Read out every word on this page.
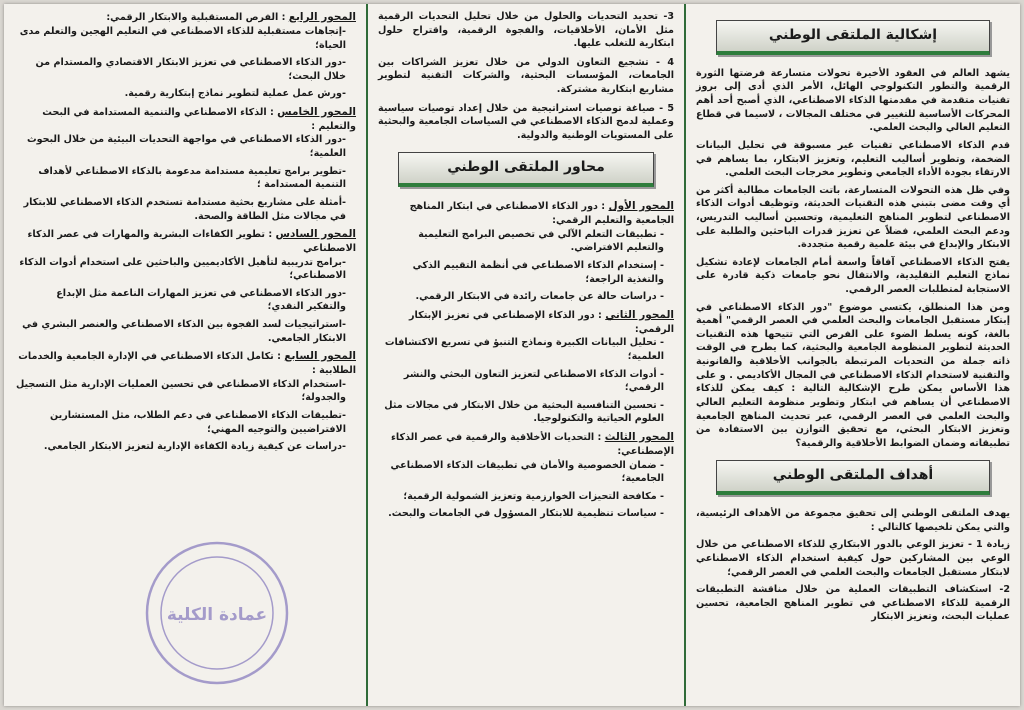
إشكالية الملتقى الوطني

يشهد العالم في العقود الأخيرة تحولات متسارعة فرضتها الثورة الرقمية والتطور التكنولوجي الهائل، الأمر الذي أدى إلى بروز تقنيات متقدمة في مقدمتها الذكاء الاصطناعي، الذي أصبح أحد أهم المحركات الأساسية للتغيير في مختلف المجالات ، لاسيما في قطاع التعليم العالي والبحث العلمي.

قدم الذكاء الاصطناعي تقنيات غير مسبوقة في تحليل البيانات الضخمة، وتطوير أساليب التعليم، وتعزيز الابتكار، بما يساهم في الارتقاء بجودة الأداء الجامعي وتطوير مخرجات البحث العلمي.

وفي ظل هذه التحولات المتسارعة، باتت الجامعات مطالبة أكثر من أي وقت مضى بتبني هذه التقنيات الحديثة، وتوظيف أدوات الذكاء الاصطناعي لتطوير المناهج التعليمية، وتحسين أساليب التدريس، ودعم البحث العلمي، فضلاً عن تعزيز قدرات الباحثين والطلبة على الابتكار والإبداع في بيئة علمية رقمية متجددة.

يفتح الذكاء الاصطناعي آفاقاً واسعة أمام الجامعات لإعادة تشكيل نماذج التعليم التقليدية، والانتقال نحو جامعات ذكية قادرة على الاستجابة لمتطلبات العصر الرقمي.

ومن هذا المنطلق، يكتسي موضوع "دور الذكاء الاصطناعي في إبتكار مستقبل الجامعات والبحث العلمي في العصر الرقمي" أهمية بالغة، كونه يسلط الضوء على الفرص التي تتيحها هذه التقنيات الحديثة لتطوير المنظومة الجامعية والبحثية، كما يطرح في الوقت ذاته جملة من التحديات المرتبطة بالجوانب الأخلاقية والقانونية والتقنية لاستخدام الذكاء الاصطناعي في المجال الأكاديمي . و على هذا الأساس يمكن طرح الإشكالية التالية : كيف يمكن للذكاء الاصطناعي أن يساهم في ابتكار وتطوير منظومة التعليم العالي والبحث العلمي في العصر الرقمي، عبر تحديث المناهج الجامعية وتعزيز الابتكار البحثي، مع تحقيق التوازن بين الاستفادة من تطبيقاته وضمان الضوابط الأخلاقية والرقمية؟

أهداف الملتقى الوطني

يهدف الملتقى الوطني إلى تحقيق مجموعة من الأهداف الرئيسية، والتي يمكن تلخيصها كالتالي :

زيادة 1 - تعزيز الوعي بالدور الابتكاري للذكاء الاصطناعي من خلال الوعي بين المشاركين حول كيفية استخدام الذكاء الاصطناعي لابتكار مستقبل الجامعات والبحث العلمي في العصر الرقمي؛

2- استكشاف التطبيقات العملية من خلال مناقشة التطبيقات الرقمية للذكاء الاصطناعي في تطوير المناهج الجامعية، تحسين عمليات البحث، وتعزيز الابتكار

3- تحديد التحديات والحلول من خلال تحليل التحديات الرقمية مثل الأمان، الأخلاقيات، والفجوة الرقمية، واقتراح حلول ابتكارية للتغلب عليها.

4 - تشجيع التعاون الدولي من خلال تعزيز الشراكات بين الجامعات، المؤسسات البحثية، والشركات التقنية لتطوير مشاريع ابتكارية مشتركة.

5 - صياغة توصيات استراتيجية من خلال إعداد توصيات سياسية وعملية لدمج الذكاء الاصطناعي في السياسات الجامعية والبحثية على المستويات الوطنية والدولية.

محاور الملتقى الوطني
المحور الأول : دور الذكاء الاصطناعي في ابتكار المناهج الجامعية والتعليم الرقمي:
- تطبيقات التعلم الآلي في تخصيص البرامج التعليمية والتعليم الافتراضي.
- إستخدام الذكاء الاصطناعي في أنظمة التقييم الذكي والتغذية الراجعة؛
- دراسات حالة عن جامعات رائدة في الابتكار الرقمي.
المحور الثاني : دور الذكاء الإصطناعي في تعزيز الإبتكار الرقمي:
- تحليل البيانات الكبيرة ونماذج التنبؤ في تسريع الاكتشافات العلمية؛
- أدوات الذكاء الاصطناعي لتعزيز التعاون البحثي والنشر الرقمي؛
- تحسين التنافسية البحثية من خلال الابتكار في مجالات مثل العلوم الحياتية والتكنولوجيا.
المحور الثالث : التحديات الأخلاقية والرقمية في عصر الذكاء الإصطناعي:
- ضمان الخصوصية والأمان في تطبيقات الذكاء الاصطناعي الجامعية؛
- مكافحة التحيزات الخوارزمية وتعزيز الشمولية الرقمية؛
- سياسات تنظيمية للابتكار المسؤول في الجامعات والبحث.
المحور الرابع : الفرص المستقبلية والابتكار الرقمي:
-إتجاهات مستقبلية للذكاء الاصطناعي في التعليم الهجين والتعلم مدى الحياة؛
-دور الذكاء الاصطناعي في تعزيز الابتكار الاقتصادي والمستدام من خلال البحث؛
-ورش عمل عملية لتطوير نماذج إبتكارية رقمية.
المحور الخامس : الذكاء الاصطناعي والتنمية المستدامة في البحث والتعليم :
-دور الذكاء الاصطناعي في مواجهة التحديات البيئية من خلال البحوث العلمية؛
-تطوير برامج تعليمية مستدامة مدعومة بالذكاء الاصطناعي لأهداف التنمية المستدامة ؛
-أمثلة على مشاريع بحثية مستدامة تستخدم الذكاء الاصطناعي للابتكار في مجالات مثل الطاقة والصحة.
المحور السادس : تطوير الكفاءات البشرية والمهارات في عصر الذكاء الاصطناعي
-برامج تدريبية لتأهيل الأكاديميين والباحثين على استخدام أدوات الذكاء الاصطناعي؛
-دور الذكاء الاصطناعي في تعزيز المهارات الناعمة مثل الإبداع والتفكير النقدي؛
-استراتيجيات لسد الفجوة بين الذكاء الاصطناعي والعنصر البشري في الابتكار الجامعي.
المحور السابع : تكامل الذكاء الاصطناعي في الإدارة الجامعية والخدمات الطلابية :
-استخدام الذكاء الاصطناعي في تحسين العمليات الإدارية مثل التسجيل والجدولة؛
-تطبيقات الذكاء الاصطناعي في دعم الطلاب، مثل المستشارين الافتراضيين والتوجيه المهني؛
-دراسات عن كيفية زيادة الكفاءة الإدارية لتعزيز الابتكار الجامعي.
عمادة الكلية
